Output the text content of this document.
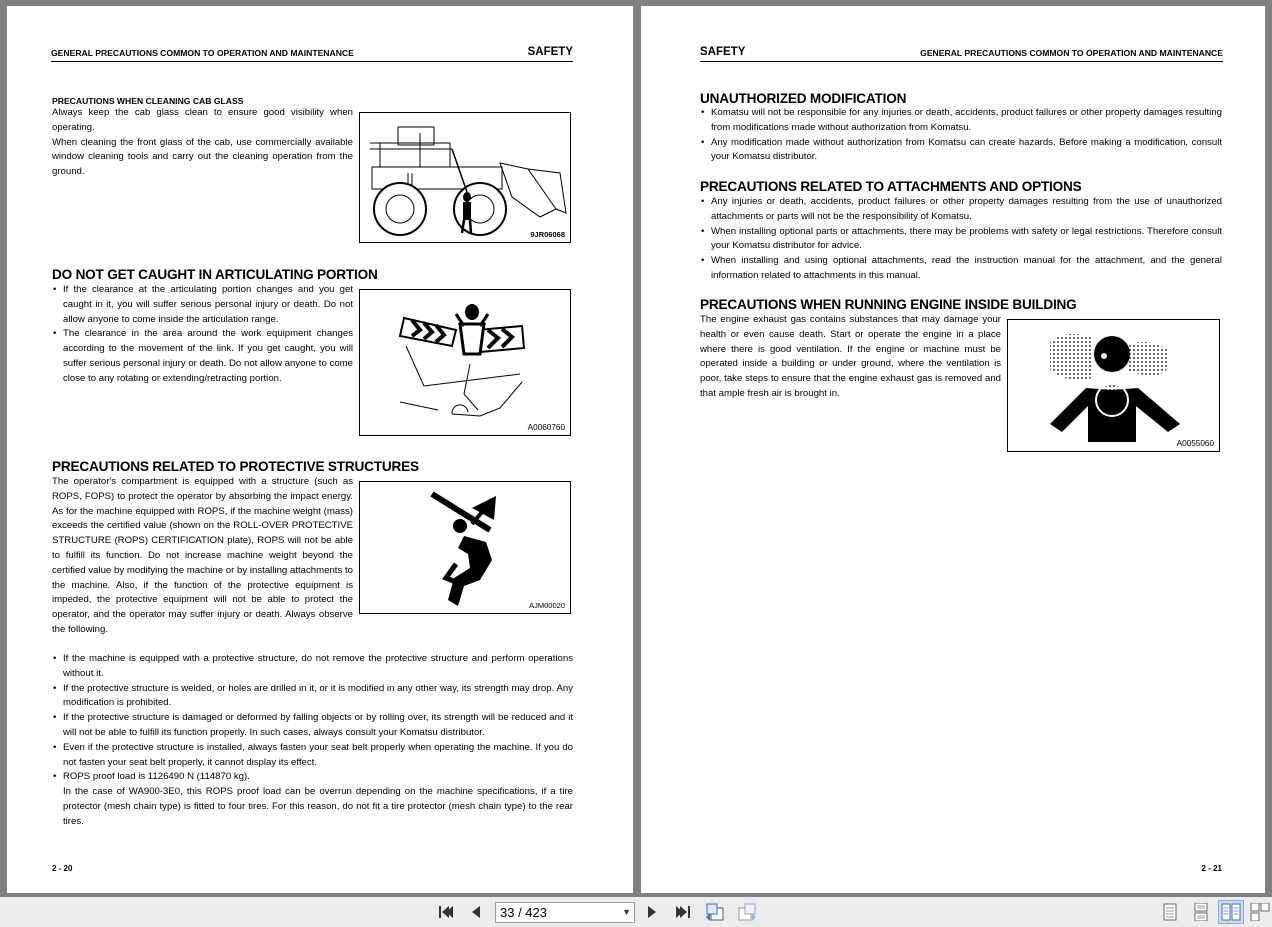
GENERAL PRECAUTIONS COMMON TO OPERATION AND MAINTENANCE	SAFETY
PRECAUTIONS WHEN CLEANING CAB GLASS
Always keep the cab glass clean to ensure good visibility when operating.
When cleaning the front glass of the cab, use commercially available window cleaning tools and carry out the cleaning operation from the ground.
9JR06068
DO NOT GET CAUGHT IN ARTICULATING PORTION
• If the clearance at the articulating portion changes and you get caught in it, you will suffer serious personal injury or death. Do not allow anyone to come inside the articulation range.
• The clearance in the area around the work equipment changes according to the movement of the link. If you get caught, you will suffer serious personal injury or death. Do not allow anyone to come close to any rotating or extending/retracting portion.
A0060760
PRECAUTIONS RELATED TO PROTECTIVE STRUCTURES
The operator's compartment is equipped with a structure (such as ROPS, FOPS) to protect the operator by absorbing the impact energy. As for the machine equipped with ROPS, if the machine weight (mass) exceeds the certified value (shown on the ROLL-OVER PROTECTIVE STRUCTURE (ROPS) CERTIFICATION plate), ROPS will not be able to fulfill its function. Do not increase machine weight beyond the certified value by modifying the machine or by installing attachments to the machine. Also, if the function of the protective equipment is impeded, the protective equipment will not be able to protect the operator, and the operator may suffer injury or death. Always observe the following.
AJM00020
• If the machine is equipped with a protective structure, do not remove the protective structure and perform operations without it.
• If the protective structure is welded, or holes are drilled in it, or it is modified in any other way, its strength may drop. Any modification is prohibited.
• If the protective structure is damaged or deformed by falling objects or by rolling over, its strength will be reduced and it will not be able to fulfill its function properly. In such cases, always consult your Komatsu distributor.
• Even if the protective structure is installed, always fasten your seat belt properly when operating the machine. If you do not fasten your seat belt properly, it cannot display its effect.
• ROPS proof load is 1126490 N (114870 kg).
In the case of WA900-3E0, this ROPS proof load can be overrun depending on the machine specifications, if a tire protector (mesh chain type) is fitted to four tires. For this reason, do not fit a tire protector (mesh chain type) to the rear tires.
2 - 20
SAFETY	GENERAL PRECAUTIONS COMMON TO OPERATION AND MAINTENANCE
UNAUTHORIZED MODIFICATION
• Komatsu will not be responsible for any injuries or death, accidents, product failures or other property damages resulting from modifications made without authorization from Komatsu.
• Any modification made without authorization from Komatsu can create hazards. Before making a modification, consult your Komatsu distributor.
PRECAUTIONS RELATED TO ATTACHMENTS AND OPTIONS
• Any injuries or death, accidents, product failures or other property damages resulting from the use of unauthorized attachments or parts will not be the responsibility of Komatsu.
• When installing optional parts or attachments, there may be problems with safety or legal restrictions. Therefore consult your Komatsu distributor for advice.
• When installing and using optional attachments, read the instruction manual for the attachment, and the general information related to attachments in this manual.
PRECAUTIONS WHEN RUNNING ENGINE INSIDE BUILDING
The engine exhaust gas contains substances that may damage your health or even cause death. Start or operate the engine in a place where there is good ventilation. If the engine or machine must be operated inside a building or under ground, where the ventilation is poor, take steps to ensure that the engine exhaust gas is removed and that ample fresh air is brought in.
A0055060
2 - 21
33 / 423	▼
